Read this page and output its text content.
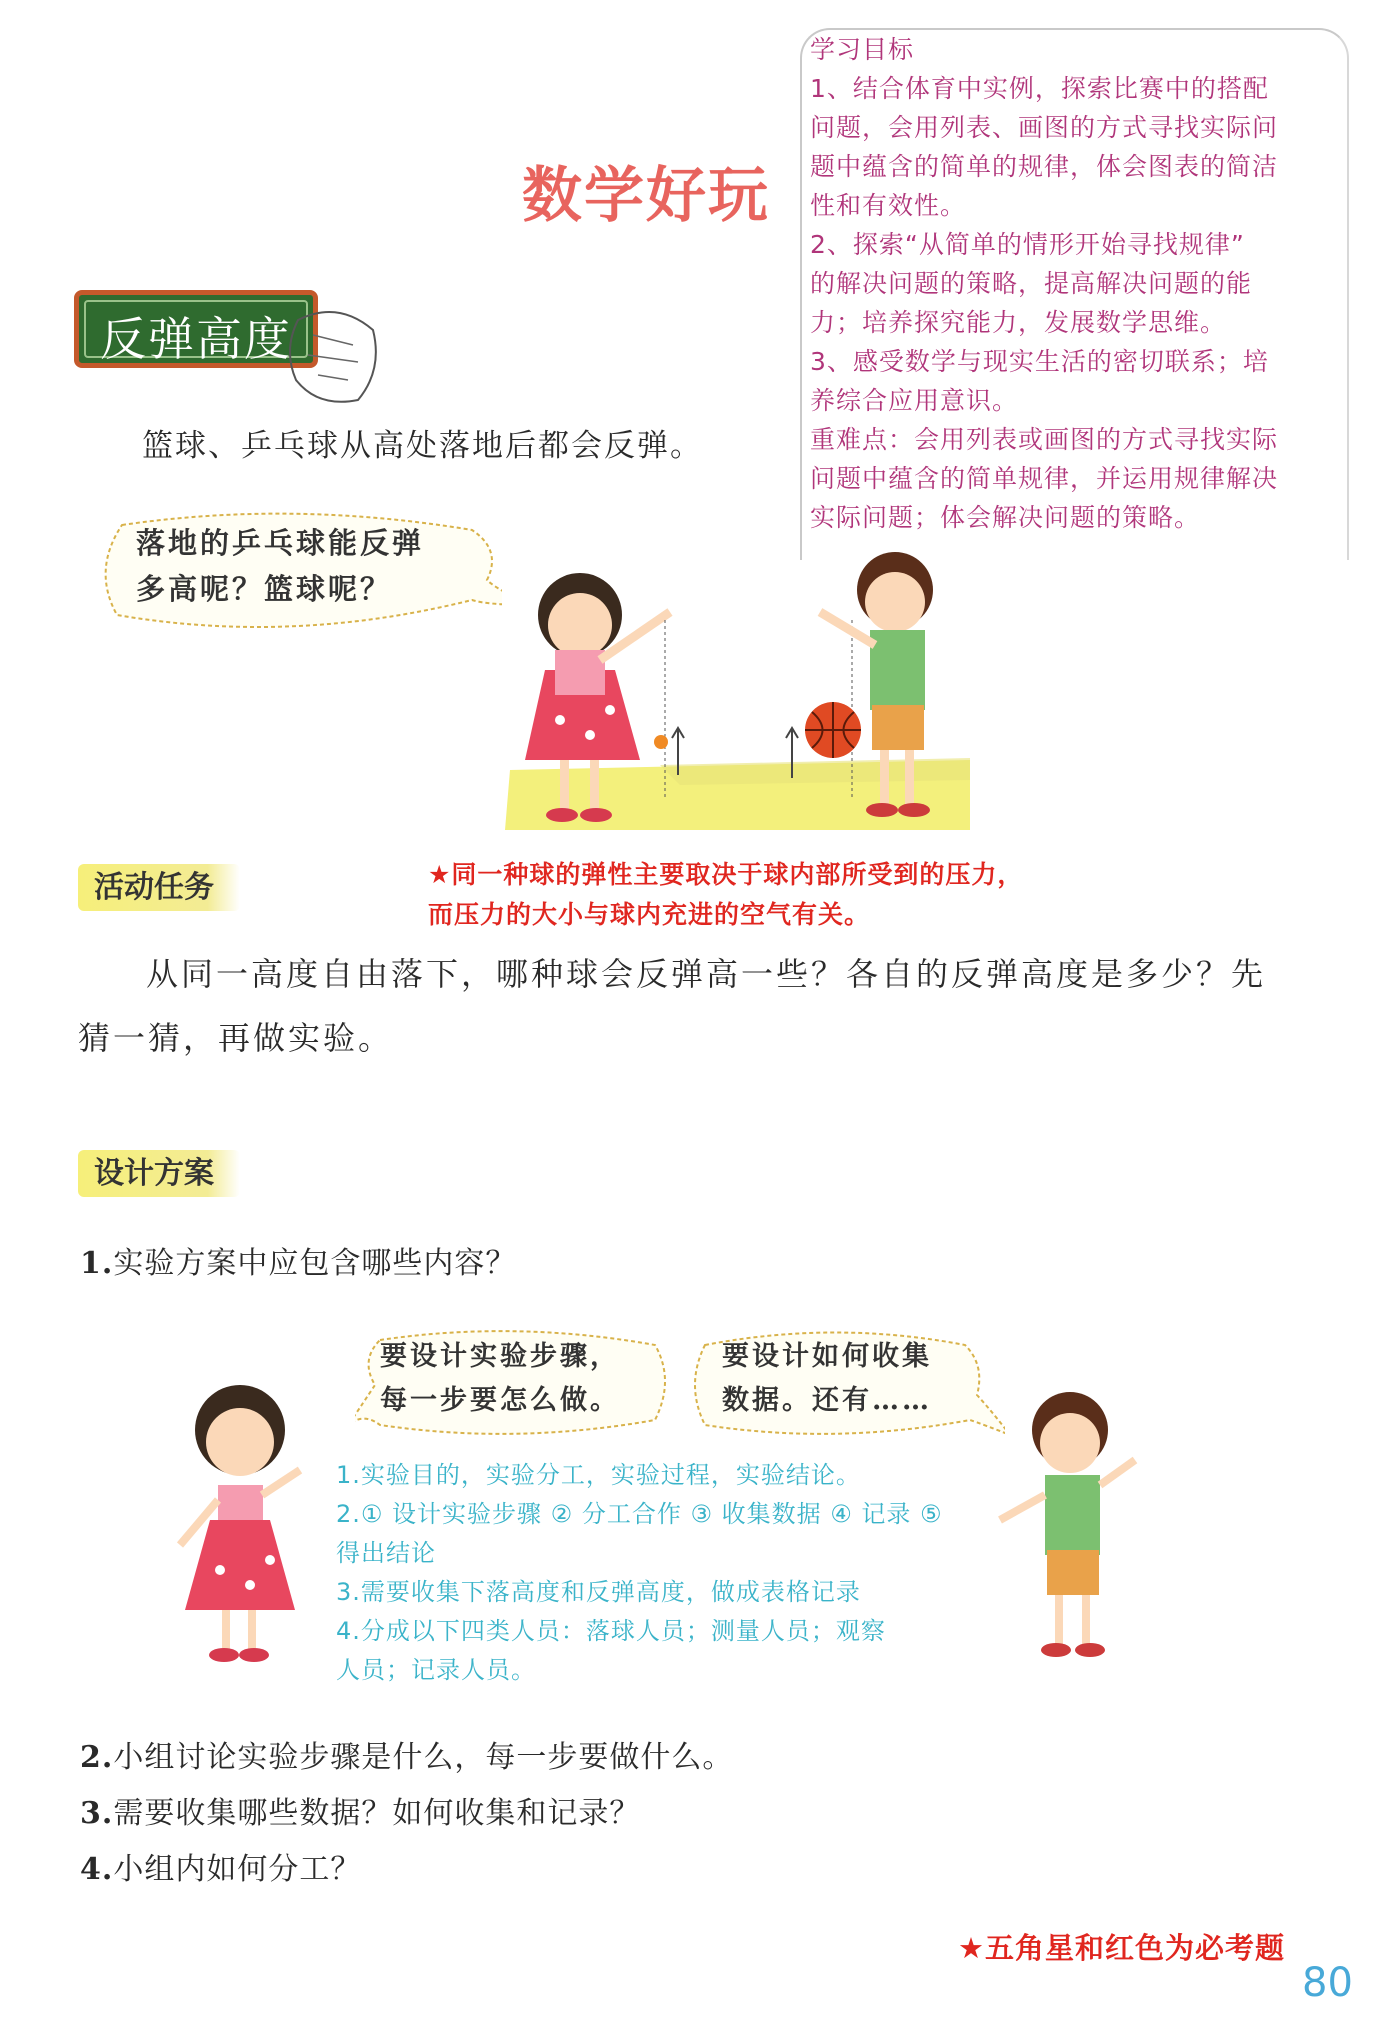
数学好玩
学习目标
1、结合体育中实例，探索比赛中的搭配
问题，会用列表、画图的方式寻找实际问
题中蕴含的简单的规律，体会图表的简洁
性和有效性。
2、探索“从简单的情形开始寻找规律”
的解决问题的策略，提高解决问题的能
力；培养探究能力，发展数学思维。
3、感受数学与现实生活的密切联系；培
养综合应用意识。
重难点：会用列表或画图的方式寻找实际
问题中蕴含的简单规律，并运用规律解决
实际问题；体会解决问题的策略。
反弹高度
篮球、乒乓球从高处落地后都会反弹。
落地的乒乓球能反弹
多高呢？篮球呢？
活动任务	★同一种球的弹性主要取决于球内部所受到的压力，
而压力的大小与球内充进的空气有关。
从同一高度自由落下，哪种球会反弹高一些？各自的反弹高度是多少？先
猜一猜，再做实验。
设计方案
1.实验方案中应包含哪些内容？
要设计实验步骤，
每一步要怎么做。
要设计如何收集
数据。还有……
1.实验目的，实验分工，实验过程，实验结论。
2.① 设计实验步骤 ② 分工合作 ③ 收集数据 ④ 记录 ⑤
得出结论
3.需要收集下落高度和反弹高度，做成表格记录
4.分成以下四类人员：落球人员；测量人员；观察
人员；记录人员。
2.小组讨论实验步骤是什么，每一步要做什么。
3.需要收集哪些数据？如何收集和记录？
4.小组内如何分工？
★五角星和红色为必考题
80
